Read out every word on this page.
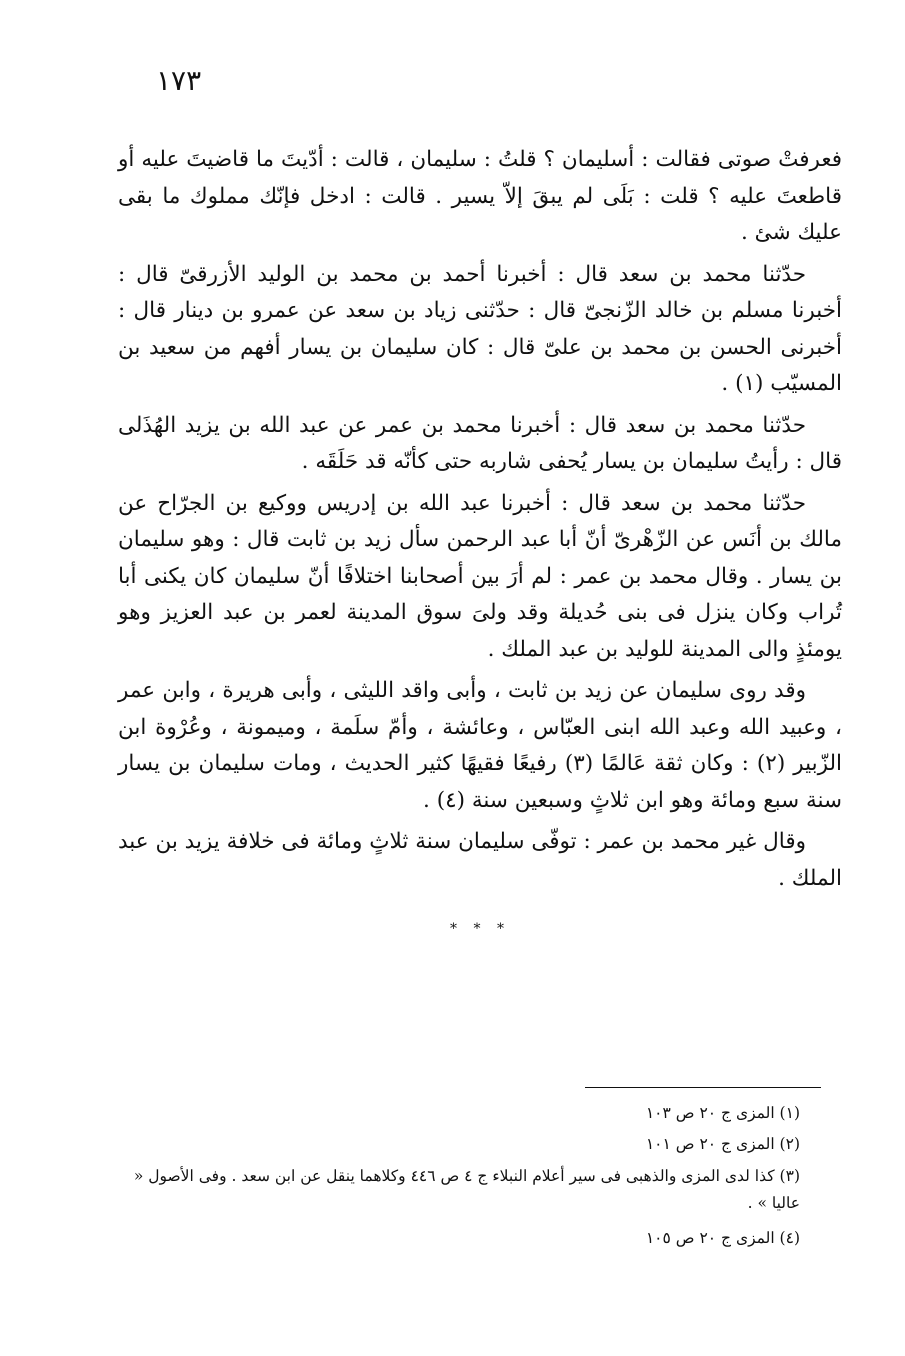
١٧٣

فعرفتْ صوتى فقالت : أسليمان ؟ قلتُ : سليمان ، قالت : أدّيتَ ما قاضيتَ عليه أو قاطعتَ عليه ؟ قلت : بَلَى لم يبقَ إلاّ يسير . قالت : ادخل فإنّك مملوك ما بقى عليك شئ .

حدّثنا محمد بن سعد قال : أخبرنا أحمد بن محمد بن الوليد الأزرقىّ قال : أخبرنا مسلم بن خالد الزّنجىّ قال : حدّثنى زياد بن سعد عن عمرو بن دينار قال : أخبرنى الحسن بن محمد بن علىّ قال : كان سليمان بن يسار أفهم من سعيد بن المسيّب (١) .

حدّثنا محمد بن سعد قال : أخبرنا محمد بن عمر عن عبد الله بن يزيد الهُذَلى قال : رأيتُ سليمان بن يسار يُحفى شاربه حتى كأنّه قد حَلَقَه .

حدّثنا محمد بن سعد قال : أخبرنا عبد الله بن إدريس ووكيع بن الجرّاح عن مالك بن أنَس عن الزّهْرىّ أنّ أبا عبد الرحمن سأل زيد بن ثابت قال : وهو سليمان بن يسار . وقال محمد بن عمر : لم أرَ بين أصحابنا اختلافًا أنّ سليمان كان يكنى أبا تُراب وكان ينزل فى بنى حُديلة وقد ولىَ سوق المدينة لعمر بن عبد العزيز وهو يومئذٍ والى المدينة للوليد بن عبد الملك .

وقد روى سليمان عن زيد بن ثابت ، وأبى واقد الليثى ، وأبى هريرة ، وابن عمر ، وعبيد الله وعبد الله ابنى العبّاس ، وعائشة ، وأمّ سلَمة ، وميمونة ، وعُرْوة ابن الزّبير (٢) : وكان ثقة عَالمًا (٣) رفيعًا فقيهًا كثير الحديث ، ومات سليمان بن يسار سنة سبع ومائة وهو ابن ثلاثٍ وسبعين سنة (٤) .

وقال غير محمد بن عمر : توفّى سليمان سنة ثلاثٍ ومائة فى خلافة يزيد بن عبد الملك .

* * *

(١) المزى ج ٢٠ ص ١٠٣

(٢) المزى ج ٢٠ ص ١٠١

(٣) كذا لدى المزى والذهبى فى سير أعلام النبلاء ج ٤ ص ٤٤٦ وكلاهما ينقل عن ابن سعد . وفى الأصول « عاليا » .

(٤) المزى ج ٢٠ ص ١٠٥
